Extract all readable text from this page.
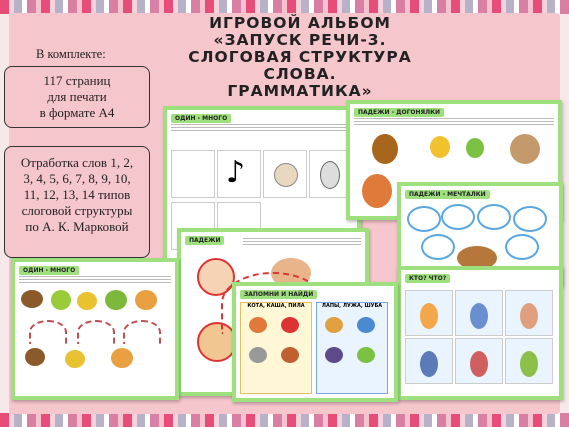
ИГРОВОЙ АЛЬБОМ
«ЗАПУСК РЕЧИ-3.
СЛОГОВАЯ СТРУКТУРА СЛОВА.
ГРАММАТИКА»
В комплекте:
117 страниц
для печати
в формате А4
Отработка слов 1, 2,
3, 4, 5, 6, 7, 8, 9, 10,
11, 12, 13, 14 типов
слоговой структуры
по А. К. Марковой
ОДИН - МНОГО
♪
ПАДЕЖИ - ДОГОНЯЛКИ
ПАДЕЖИ - МЕЧТАЛКИ
КТО? ЧТО?
ПАДЕЖИ
ЗАПОМНИ И НАЙДИ
КОТА, КАША, ПИЛА	ЛАПЫ, ЛУЖА, ШУБА
ОДИН - МНОГО
